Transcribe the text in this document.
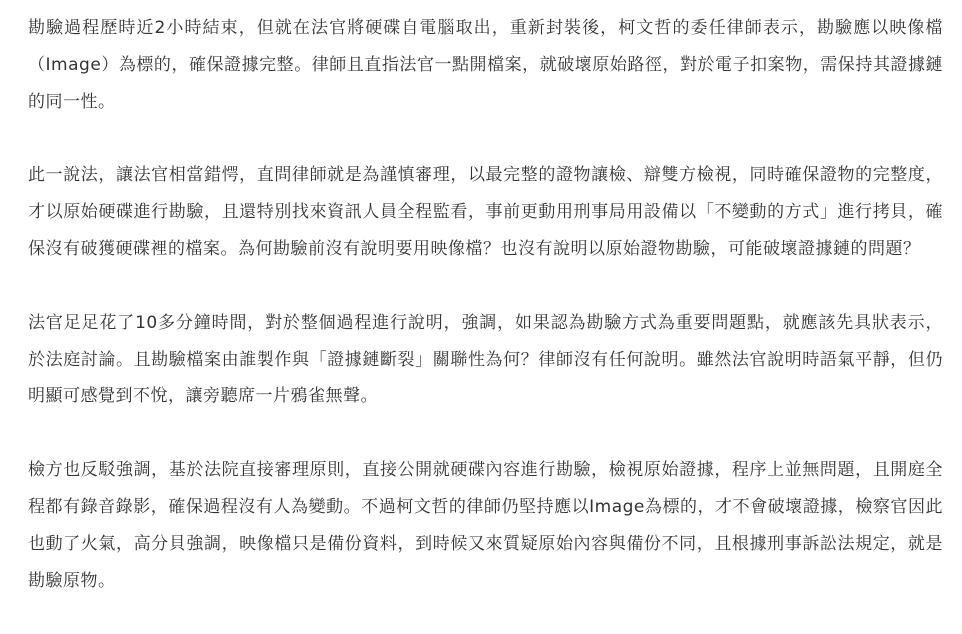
勘驗過程歷時近2小時結束，但就在法官將硬碟自電腦取出，重新封裝後，柯文哲的委任律師表示，勘驗應以映像檔（Image）為標的，確保證據完整。律師且直指法官一點開檔案，就破壞原始路徑，對於電子扣案物，需保持其證據鏈的同一性。

此一說法，讓法官相當錯愕，直問律師就是為謹慎審理，以最完整的證物讓檢、辯雙方檢視，同時確保證物的完整度，才以原始硬碟進行勘驗，且還特別找來資訊人員全程監看，事前更動用刑事局用設備以「不變動的方式」進行拷貝，確保沒有破獲硬碟裡的檔案。為何勘驗前沒有說明要用映像檔？也沒有說明以原始證物勘驗，可能破壞證據鏈的問題？

法官足足花了10多分鐘時間，對於整個過程進行說明，強調，如果認為勘驗方式為重要問題點，就應該先具狀表示，於法庭討論。且勘驗檔案由誰製作與「證據鏈斷裂」關聯性為何？律師沒有任何說明。雖然法官說明時語氣平靜，但仍明顯可感覺到不悅，讓旁聽席一片鴉雀無聲。

檢方也反駁強調，基於法院直接審理原則，直接公開就硬碟內容進行勘驗，檢視原始證據，程序上並無問題，且開庭全程都有錄音錄影，確保過程沒有人為變動。不過柯文哲的律師仍堅持應以Image為標的，才不會破壞證據，檢察官因此也動了火氣，高分貝強調，映像檔只是備份資料，到時候又來質疑原始內容與備份不同，且根據刑事訴訟法規定，就是勘驗原物。
